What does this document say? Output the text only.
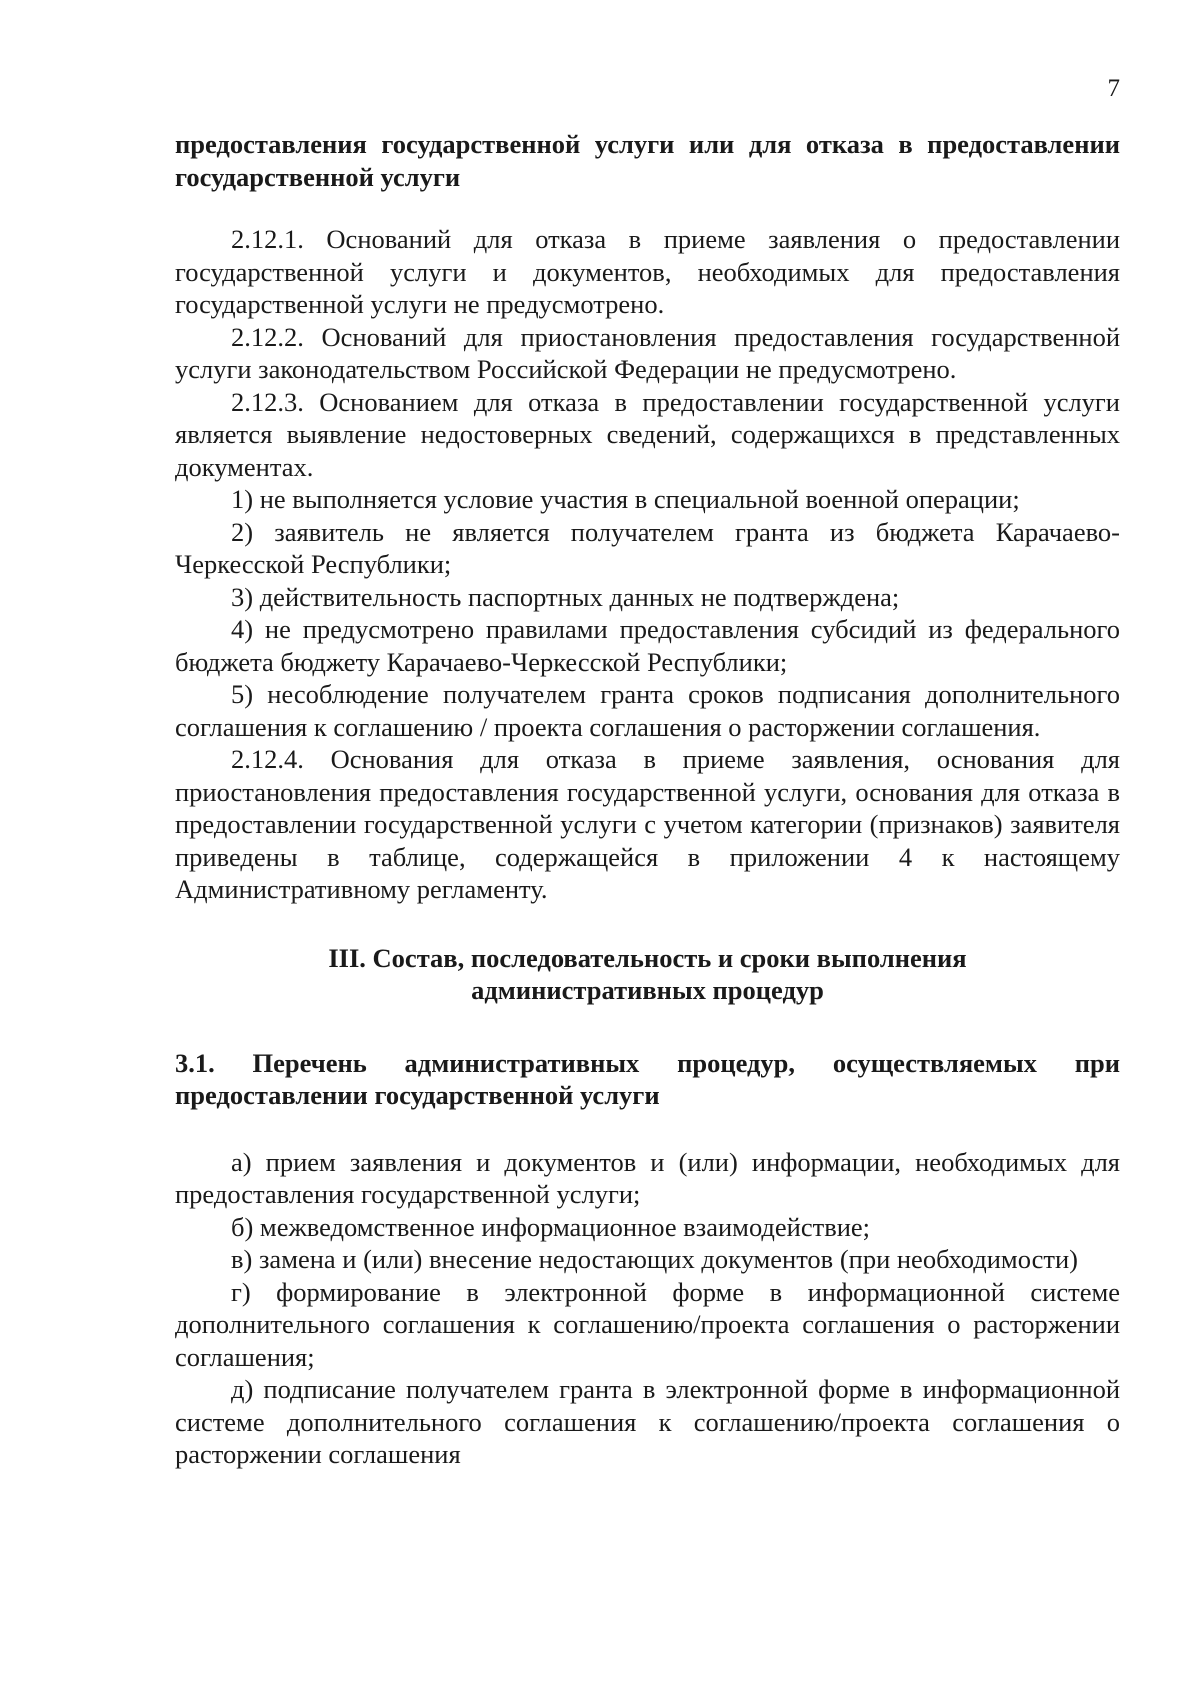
7

предоставления государственной услуги или для отказа в предоставлении государственной услуги

2.12.1. Оснований для отказа в приеме заявления о предоставлении государственной услуги и документов, необходимых для предоставления государственной услуги не предусмотрено.

2.12.2. Оснований для приостановления предоставления государственной услуги законодательством Российской Федерации не предусмотрено.

2.12.3. Основанием для отказа в предоставлении государственной услуги является выявление недостоверных сведений, содержащихся в представленных документах.

1) не выполняется условие участия в специальной военной операции;

2) заявитель не является получателем гранта из бюджета Карачаево-Черкесской Республики;

3) действительность паспортных данных не подтверждена;

4) не предусмотрено правилами предоставления субсидий из федерального бюджета бюджету Карачаево-Черкесской Республики;

5) несоблюдение получателем гранта сроков подписания дополнительного соглашения к соглашению / проекта соглашения о расторжении соглашения.

2.12.4. Основания для отказа в приеме заявления, основания для приостановления предоставления государственной услуги, основания для отказа в предоставлении государственной услуги с учетом категории (признаков) заявителя приведены в таблице, содержащейся в приложении 4 к настоящему Административному регламенту.

III. Состав, последовательность и сроки выполнения

административных процедур

3.1. Перечень административных процедур, осуществляемых при предоставлении государственной услуги

а) прием заявления и документов и (или) информации, необходимых для предоставления государственной услуги;

б) межведомственное информационное взаимодействие;

в) замена и (или) внесение недостающих документов (при необходимости)

г) формирование в электронной форме в информационной системе дополнительного соглашения к соглашению/проекта соглашения о расторжении соглашения;

д) подписание получателем гранта в электронной форме в информационной системе дополнительного соглашения к соглашению/проекта соглашения о расторжении соглашения
